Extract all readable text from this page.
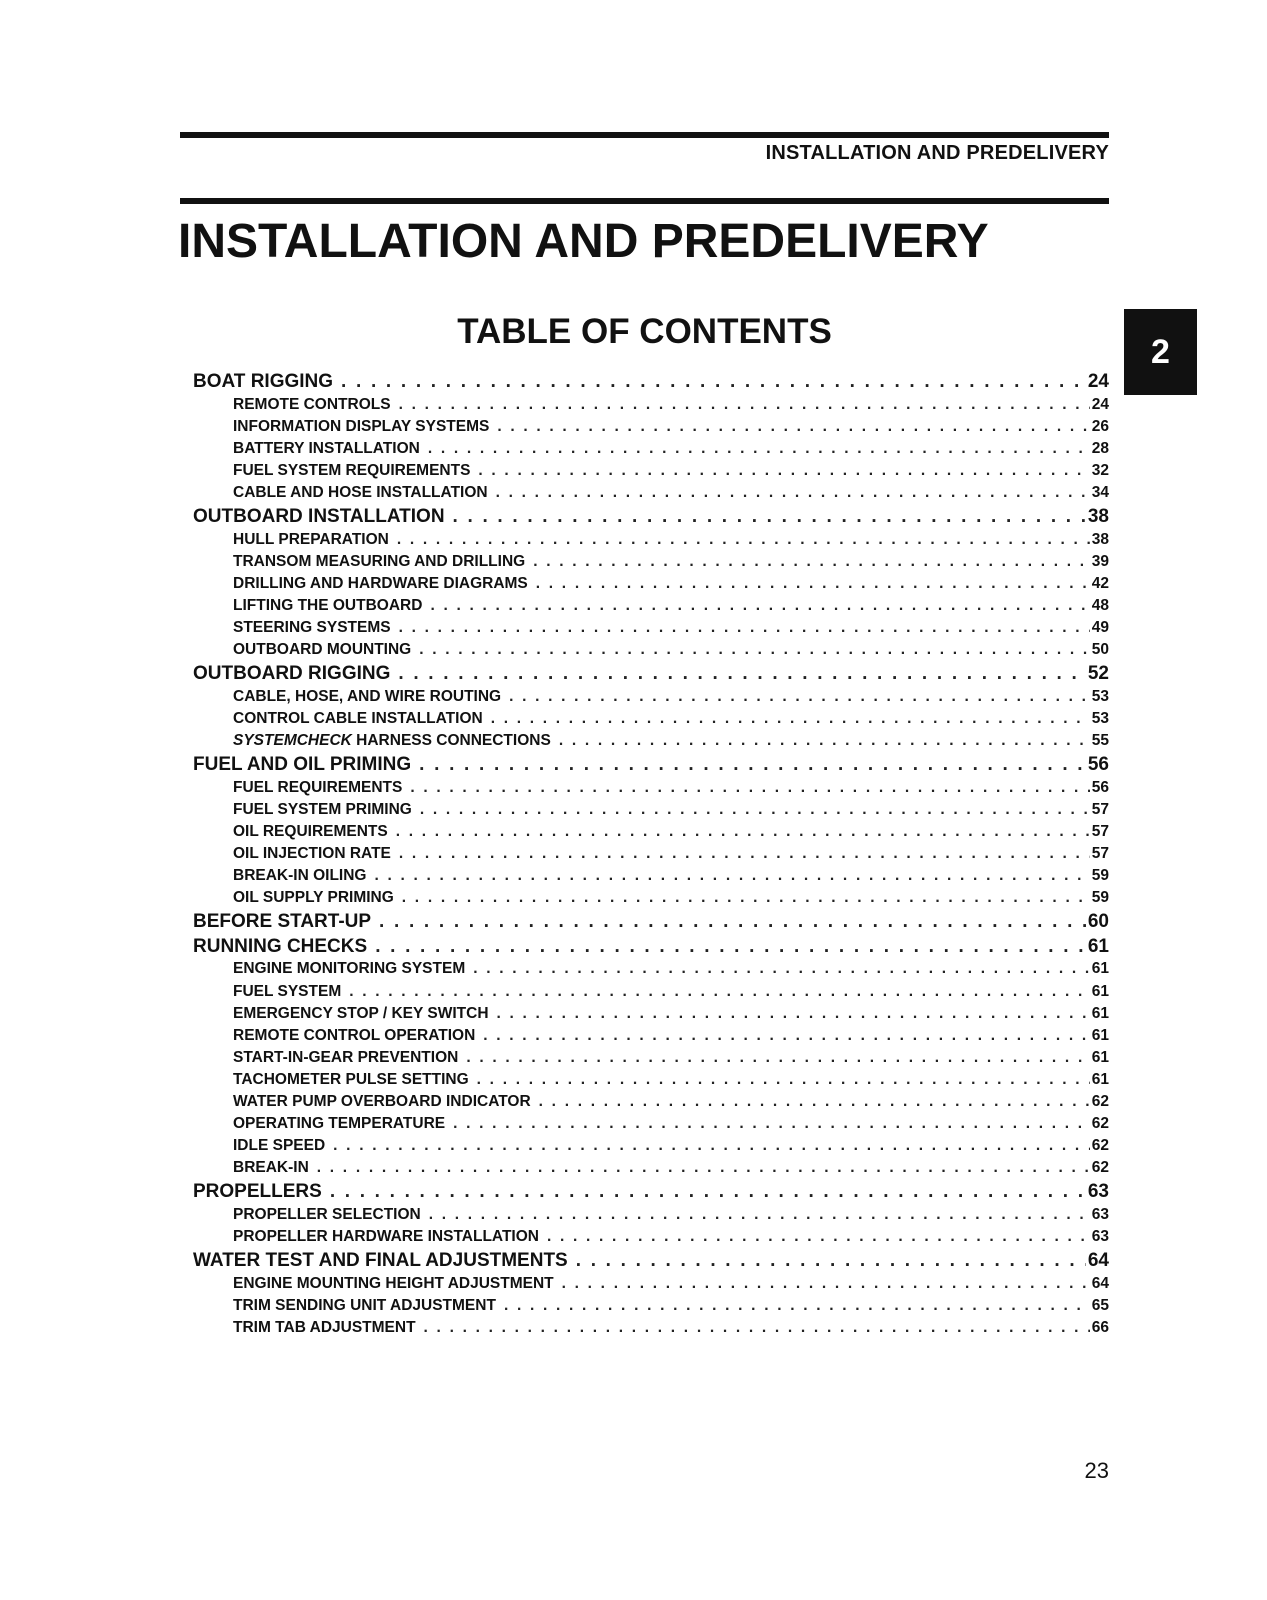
INSTALLATION AND PREDELIVERY
INSTALLATION AND PREDELIVERY
2
TABLE OF CONTENTS
BOAT RIGGING . . .	24
REMOTE CONTROLS . . .	24
INFORMATION DISPLAY SYSTEMS . . .	26
BATTERY INSTALLATION . . .	28
FUEL SYSTEM REQUIREMENTS . . .	32
CABLE AND HOSE INSTALLATION . . .	34
OUTBOARD INSTALLATION . . .	38
HULL PREPARATION . . .	38
TRANSOM MEASURING AND DRILLING . . .	39
DRILLING AND HARDWARE DIAGRAMS . . .	42
LIFTING THE OUTBOARD . . .	48
STEERING SYSTEMS . . .	49
OUTBOARD MOUNTING . . .	50
OUTBOARD RIGGING . . .	52
CABLE, HOSE, AND WIRE ROUTING . . .	53
CONTROL CABLE INSTALLATION . . .	53
SYSTEMCHECK HARNESS CONNECTIONS . . .	55
FUEL AND OIL PRIMING . . .	56
FUEL REQUIREMENTS . . .	56
FUEL SYSTEM PRIMING . . .	57
OIL REQUIREMENTS . . .	57
OIL INJECTION RATE . . .	57
BREAK-IN OILING . . .	59
OIL SUPPLY PRIMING . . .	59
BEFORE START-UP . . .	60
RUNNING CHECKS . . .	61
ENGINE MONITORING SYSTEM . . .	61
FUEL SYSTEM . . .	61
EMERGENCY STOP / KEY SWITCH . . .	61
REMOTE CONTROL OPERATION . . .	61
START-IN-GEAR PREVENTION . . .	61
TACHOMETER PULSE SETTING . . .	61
WATER PUMP OVERBOARD INDICATOR . . .	62
OPERATING TEMPERATURE . . .	62
IDLE SPEED . . .	62
BREAK-IN . . .	62
PROPELLERS . . .	63
PROPELLER SELECTION . . .	63
PROPELLER HARDWARE INSTALLATION . . .	63
WATER TEST AND FINAL ADJUSTMENTS . . .	64
ENGINE MOUNTING HEIGHT ADJUSTMENT . . .	64
TRIM SENDING UNIT ADJUSTMENT . . .	65
TRIM TAB ADJUSTMENT . . .	66
23
